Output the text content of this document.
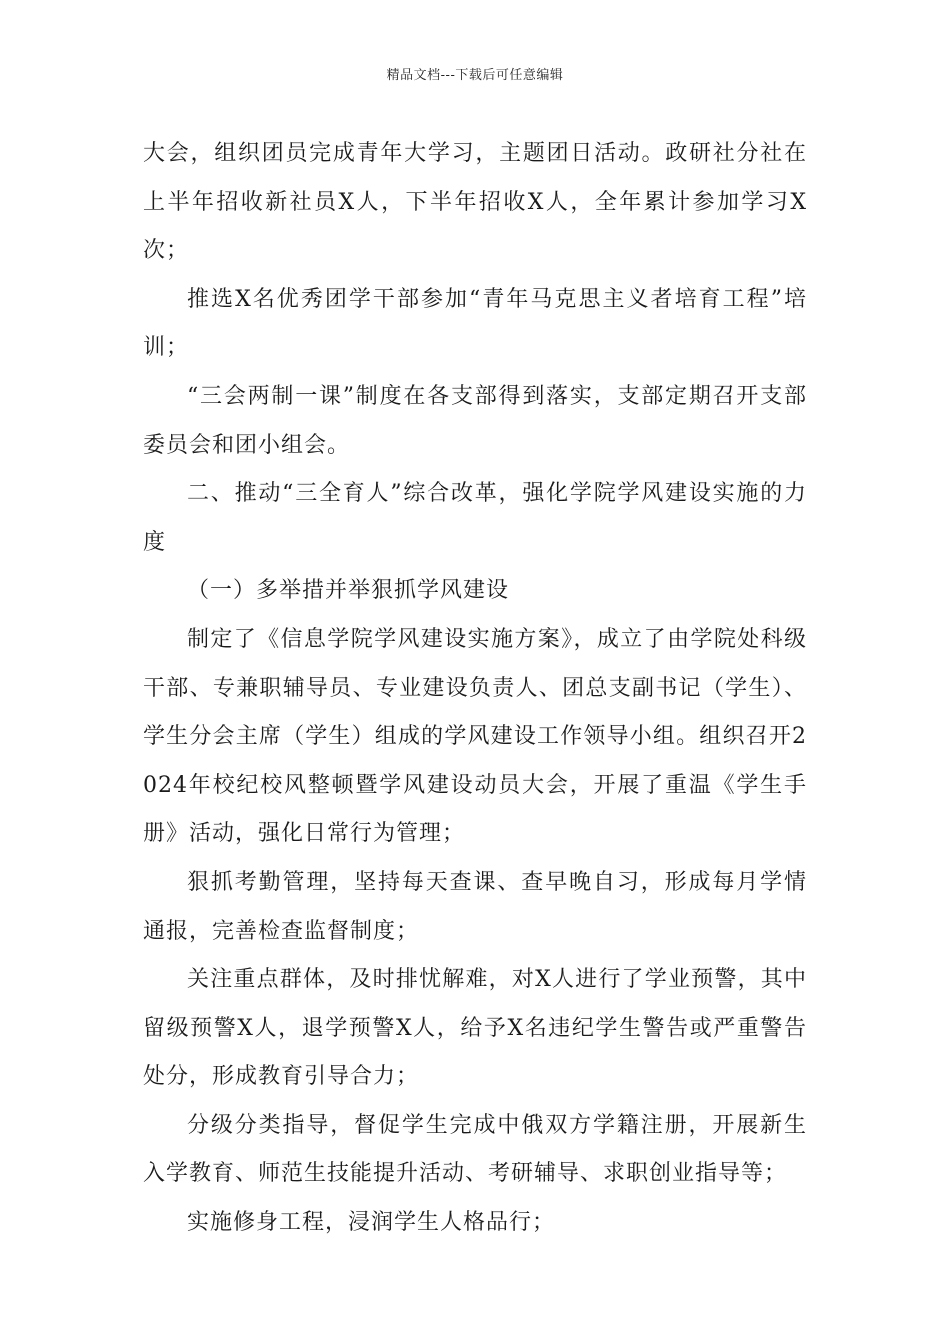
精品文档---下载后可任意编辑

大会，组织团员完成青年大学习，主题团日活动。政研社分社在上半年招收新社员X人，下半年招收X人，全年累计参加学习X次；

推选X名优秀团学干部参加“青年马克思主义者培育工程”培训；

“三会两制一课”制度在各支部得到落实，支部定期召开支部委员会和团小组会。

二、推动“三全育人”综合改革，强化学院学风建设实施的力度

（一）多举措并举狠抓学风建设

制定了《信息学院学风建设实施方案》，成立了由学院处科级干部、专兼职辅导员、专业建设负责人、团总支副书记（学生）、学生分会主席（学生）组成的学风建设工作领导小组。组织召开2024年校纪校风整顿暨学风建设动员大会，开展了重温《学生手册》活动，强化日常行为管理；

狠抓考勤管理，坚持每天查课、查早晚自习，形成每月学情通报，完善检查监督制度；

关注重点群体，及时排忧解难，对X人进行了学业预警，其中留级预警X人，退学预警X人，给予X名违纪学生警告或严重警告处分，形成教育引导合力；

分级分类指导，督促学生完成中俄双方学籍注册，开展新生入学教育、师范生技能提升活动、考研辅导、求职创业指导等；

实施修身工程，浸润学生人格品行；
